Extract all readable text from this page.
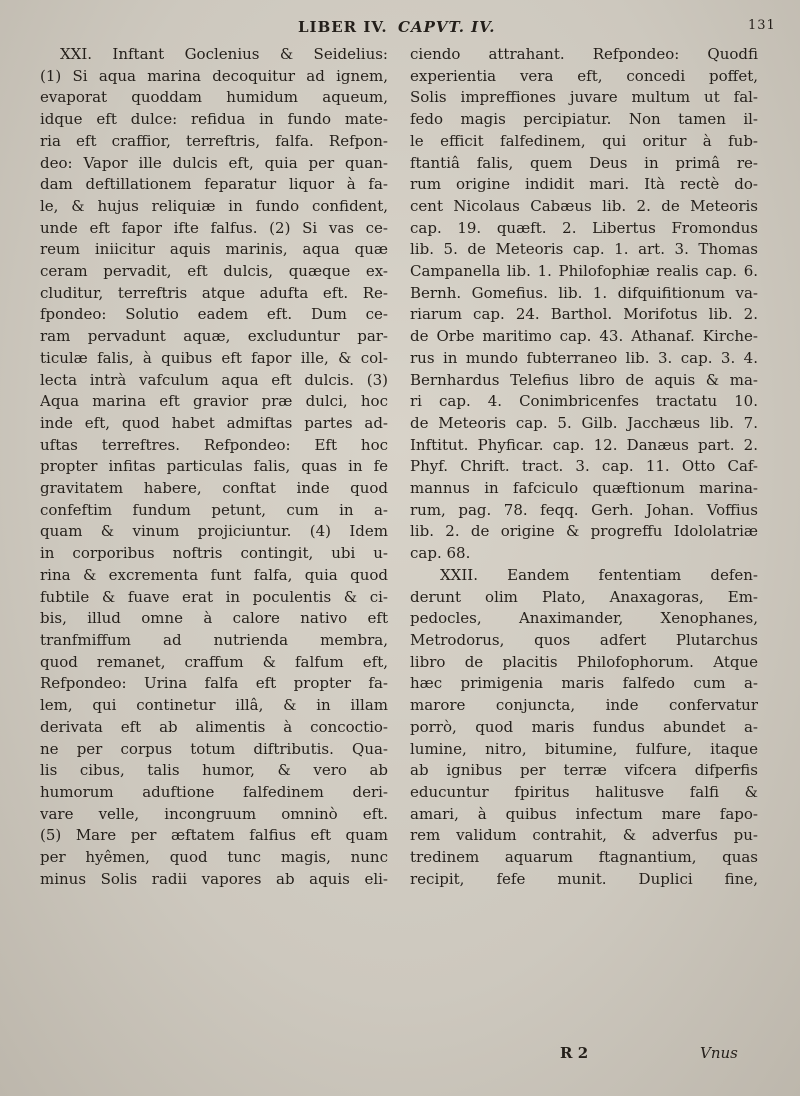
LIBER IV. CAPVT. IV.	131
XXI. Inftant Goclenius & Seidelius:
(1) Si aqua marina decoquitur ad ignem,
evaporat quoddam humidum aqueum,
idque eft dulce: refidua in fundo mate-
ria eft craffior, terreftris, falfa. Refpon-
deo: Vapor ille dulcis eft, quia per quan-
dam deftillationem feparatur liquor à fa-
le, & hujus reliquiæ in fundo confident,
unde eft fapor ifte falfus. (2) Si vas ce-
reum iniicitur aquis marinis, aqua quæ
ceram pervadit, eft dulcis, quæque ex-
cluditur, terreftris atque adufta eft. Re-
fpondeo: Solutio eadem eft. Dum ce-
ram pervadunt aquæ, excluduntur par-
ticulæ falis, à quibus eft fapor ille, & col-
lecta intrà vafculum aqua eft dulcis. (3)
Aqua marina eft gravior præ dulci, hoc
inde eft, quod habet admiftas partes ad-
uftas terreftres. Refpondeo: Eft hoc
propter infitas particulas falis, quas in fe
gravitatem habere, conftat inde quod
confeftim fundum petunt, cum in a-
quam & vinum projiciuntur. (4) Idem
in corporibus noftris contingit, ubi u-
rina & excrementa funt falfa, quia quod
fubtile & fuave erat in poculentis & ci-
bis, illud omne à calore nativo eft
tranfmiffum ad nutrienda membra,
quod remanet, craffum & falfum eft,
Refpondeo: Urina falfa eft propter fa-
lem, qui continetur illâ, & in illam
derivata eft ab alimentis à concoctio-
ne per corpus totum diftributis. Qua-
lis cibus, talis humor, & vero ab
humorum aduftione falfedinem deri-
vare velle, incongruum omninò eft.
(5) Mare per æftatem falfius eft quam
per hyêmen, quod tunc magis, nunc
minus Solis radii vapores ab aquis eli-
ciendo attrahant. Refpondeo: Quodfi
experientia vera eft, concedi poffet,
Solis impreffiones juvare multum ut fal-
fedo magis percipiatur. Non tamen il-
le efficit falfedinem, qui oritur à fub-
ftantiâ falis, quem Deus in primâ re-
rum origine indidit mari. Ità rectè do-
cent Nicolaus Cabæus lib. 2. de Meteoris
cap. 19. quæft. 2. Libertus Fromondus
lib. 5. de Meteoris cap. 1. art. 3. Thomas
Campanella lib. 1. Philofophiæ realis cap. 6.
Bernh. Gomefius. lib. 1. difquifitionum va-
riarum cap. 24. Barthol. Morifotus lib. 2.
de Orbe maritimo cap. 43. Athanaf. Kirche-
rus in mundo fubterraneo lib. 3. cap. 3. 4.
Bernhardus Telefius libro de aquis & ma-
ri cap. 4. Conimbricenfes tractatu 10.
de Meteoris cap. 5. Gilb. Jacchæus lib. 7.
Inftitut. Phyficar. cap. 12. Danæus part. 2.
Phyf. Chrift. tract. 3. cap. 11. Otto Caf-
mannus in fafciculo quæftionum marina-
rum, pag. 78. feqq. Gerh. Johan. Voffius
lib. 2. de origine & progreffu Idololatriæ
cap. 68.
XXII. Eandem fententiam defen-
derunt olim Plato, Anaxagoras, Em-
pedocles, Anaximander, Xenophanes,
Metrodorus, quos adfert Plutarchus
libro de placitis Philofophorum. Atque
hæc primigenia maris falfedo cum a-
marore conjuncta, inde confervatur
porrò, quod maris fundus abundet a-
lumine, nitro, bitumine, fulfure, itaque
ab ignibus per terræ vifcera difperfis
educuntur fpiritus halitusve falfi &
amari, à quibus infectum mare fapo-
rem validum contrahit, & adverfus pu-
tredinem aquarum ftagnantium, quas
recipit, fefe munit. Duplici fine,
R 2	Vnus
